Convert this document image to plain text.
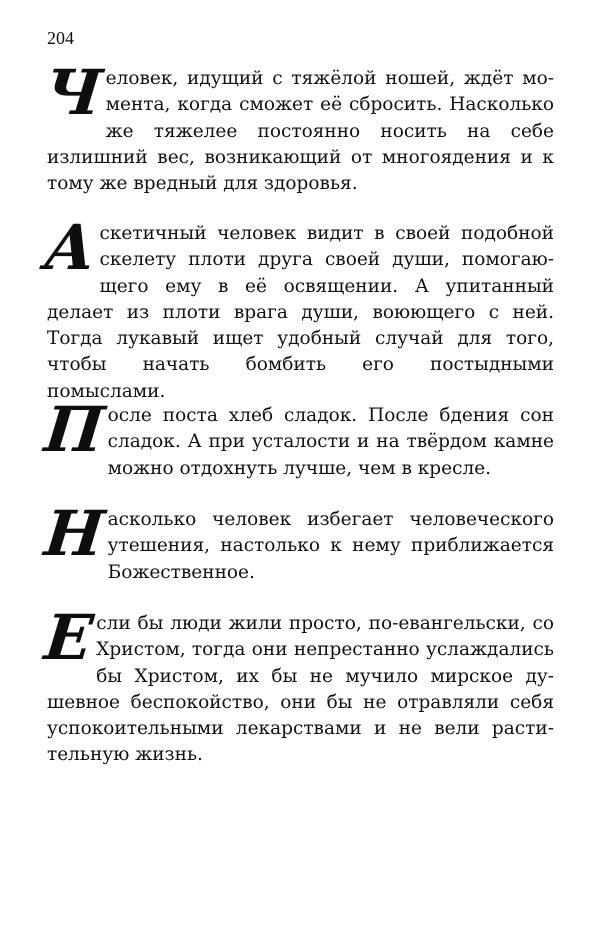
204
Человек, идущий с тяжёлой ношей, ждёт момента, когда сможет её сбросить. Насколько же тяжелее постоянно носить на себе излишний вес, возникающий от многоядения и к тому же вредный для здоровья.
Аскетичный человек видит в своей подобной скелету плоти друга своей души, помогающего ему в её освящении. А упитанный делает из плоти врага души, воюющего с ней. Тогда лукавый ищет удобный случай для того, чтобы начать бомбить его постыдными помыслами.
После поста хлеб сладок. После бдения сон сладок. А при усталости и на твёрдом камне можно отдохнуть лучше, чем в кресле.
Насколько человек избегает человеческого утешения, настолько к нему приближается Божественное.
Если бы люди жили просто, по-евангельски, со Христом, тогда они непрестанно услаждались бы Христом, их бы не мучило мирское душевное беспокойство, они бы не отравляли себя успокоительными лекарствами и не вели растительную жизнь.
